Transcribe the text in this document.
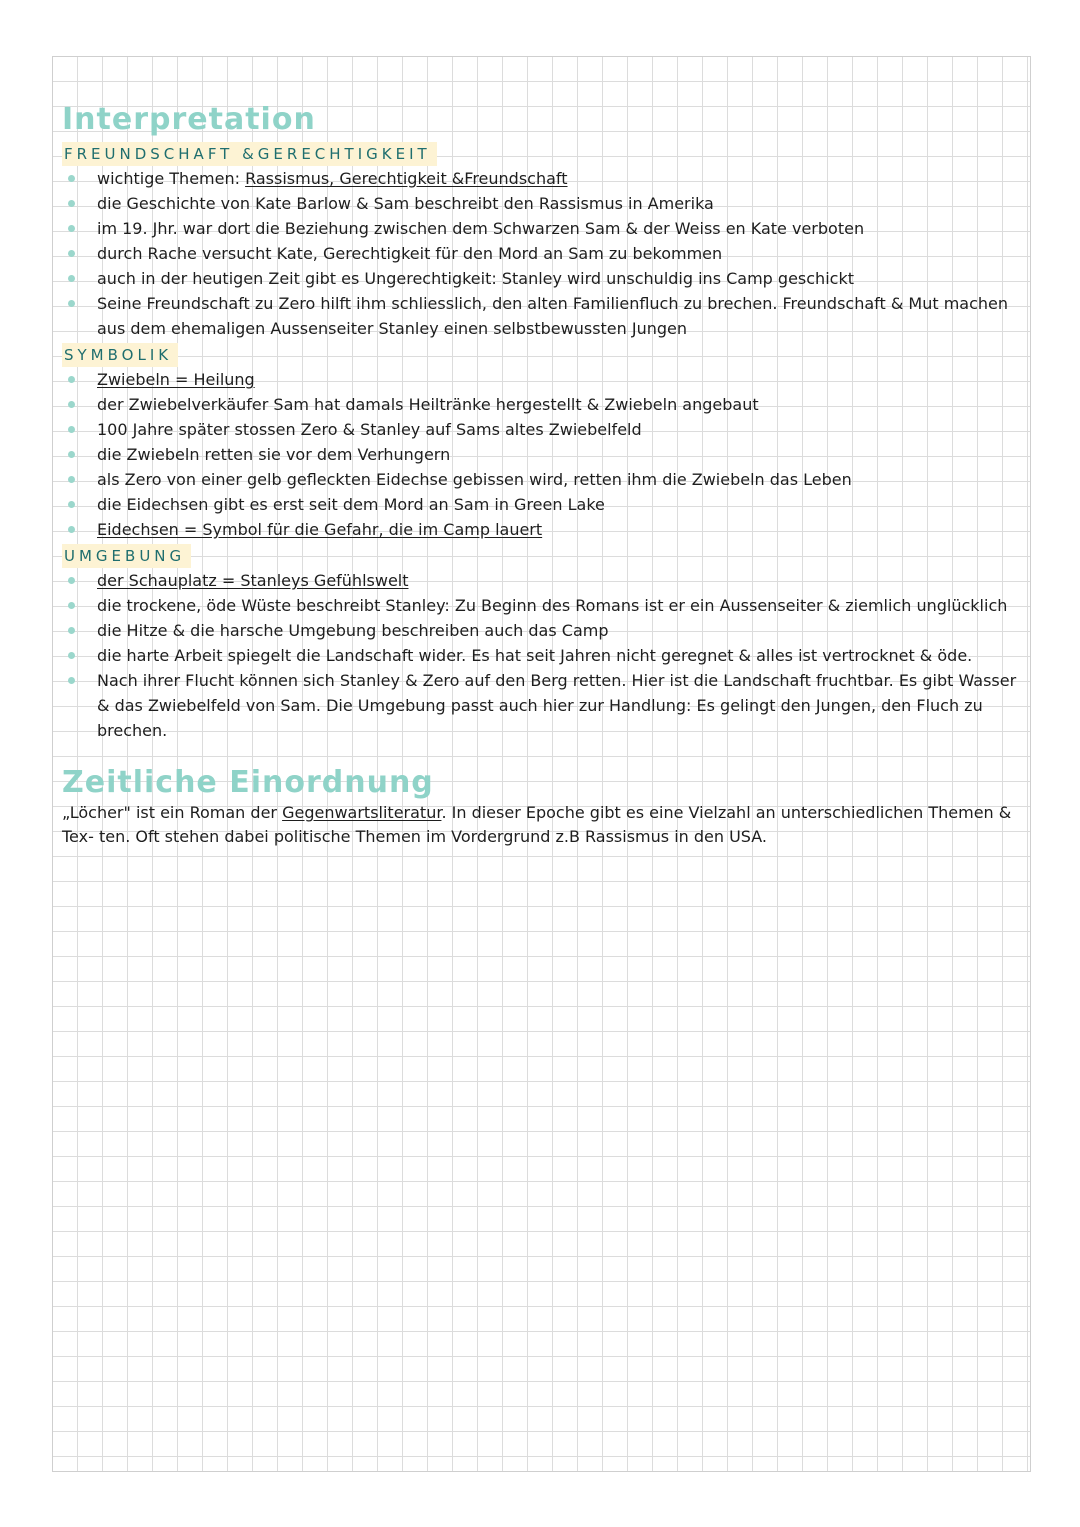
Interpretation
FREUNDSCHAFT &GERECHTIGKEIT
wichtige Themen: Rassismus, Gerechtigkeit &Freundschaft
die Geschichte von Kate Barlow & Sam beschreibt den Rassismus in Amerika
im 19. Jhr. war dort die Beziehung zwischen dem Schwarzen Sam & der Weiss en Kate verboten
durch Rache versucht Kate, Gerechtigkeit für den Mord an Sam zu bekommen
auch in der heutigen Zeit gibt es Ungerechtigkeit: Stanley wird unschuldig ins Camp geschickt
Seine Freundschaft zu Zero hilft ihm schliesslich, den alten Familienfluch zu brechen. Freundschaft & Mut machen aus dem ehemaligen Aussenseiter Stanley einen selbstbewussten Jungen
SYMBOLIK
Zwiebeln = Heilung
der Zwiebelverkäufer Sam hat damals Heiltränke hergestellt & Zwiebeln angebaut
100 Jahre später stossen Zero & Stanley auf Sams altes Zwiebelfeld
die Zwiebeln retten sie vor dem Verhungern
als Zero von einer gelb gefleckten Eidechse gebissen wird, retten ihm die Zwiebeln das Leben
die Eidechsen gibt es erst seit dem Mord an Sam in Green Lake
Eidechsen = Symbol für die Gefahr, die im Camp lauert
UMGEBUNG
der Schauplatz = Stanleys Gefühlswelt
die trockene, öde Wüste beschreibt Stanley: Zu Beginn des Romans ist er ein Aussenseiter & ziemlich unglücklich
die Hitze & die harsche Umgebung beschreiben auch das Camp
die harte Arbeit spiegelt die Landschaft wider. Es hat seit Jahren nicht geregnet & alles ist vertrocknet & öde.
Nach ihrer Flucht können sich Stanley & Zero auf den Berg retten. Hier ist die Landschaft fruchtbar. Es gibt Wasser & das Zwiebelfeld von Sam. Die Umgebung passt auch hier zur Handlung: Es gelingt den Jungen, den Fluch zu brechen.
Zeitliche Einordnung

„Löcher" ist ein Roman der Gegenwartsliteratur. In dieser Epoche gibt es eine Vielzahl an unterschiedlichen Themen & Tex- ten. Oft stehen dabei politische Themen im Vordergrund z.B Rassismus in den USA.
